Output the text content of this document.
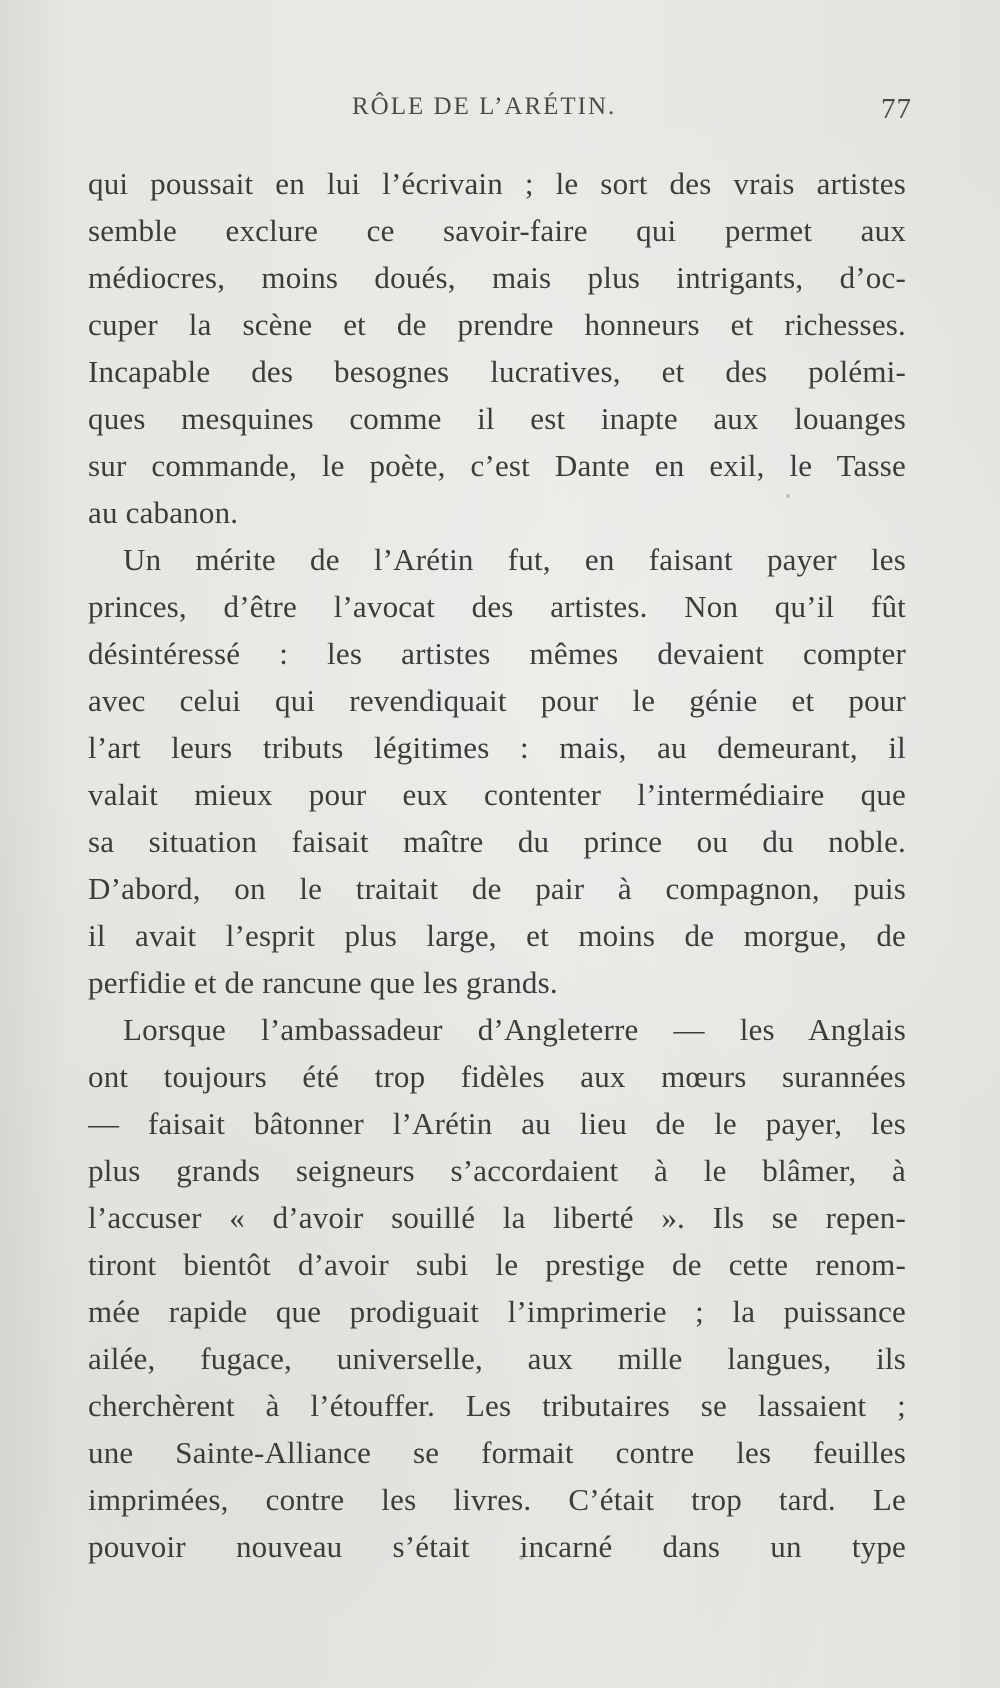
RÔLE DE L’ARÉTIN.	77
qui poussait en lui l’écrivain ; le sort des vrais artistes
semble exclure ce savoir-faire qui permet aux
médiocres, moins doués, mais plus intrigants, d’oc-
cuper la scène et de prendre honneurs et richesses.
Incapable des besognes lucratives, et des polémi-
ques mesquines comme il est inapte aux louanges
sur commande, le poète, c’est Dante en exil, le Tasse
au cabanon.
Un mérite de l’Arétin fut, en faisant payer les
princes, d’être l’avocat des artistes. Non qu’il fût
désintéressé : les artistes mêmes devaient compter
avec celui qui revendiquait pour le génie et pour
l’art leurs tributs légitimes : mais, au demeurant, il
valait mieux pour eux contenter l’intermédiaire que
sa situation faisait maître du prince ou du noble.
D’abord, on le traitait de pair à compagnon, puis
il avait l’esprit plus large, et moins de morgue, de
perfidie et de rancune que les grands.
Lorsque l’ambassadeur d’Angleterre — les Anglais
ont toujours été trop fidèles aux mœurs surannées
— faisait bâtonner l’Arétin au lieu de le payer, les
plus grands seigneurs s’accordaient à le blâmer, à
l’accuser « d’avoir souillé la liberté ». Ils se repen-
tiront bientôt d’avoir subi le prestige de cette renom-
mée rapide que prodiguait l’imprimerie ; la puissance
ailée, fugace, universelle, aux mille langues, ils
cherchèrent à l’étouffer. Les tributaires se lassaient ;
une Sainte-Alliance se formait contre les feuilles
imprimées, contre les livres. C’était trop tard. Le
pouvoir nouveau s’était incarné dans un type
